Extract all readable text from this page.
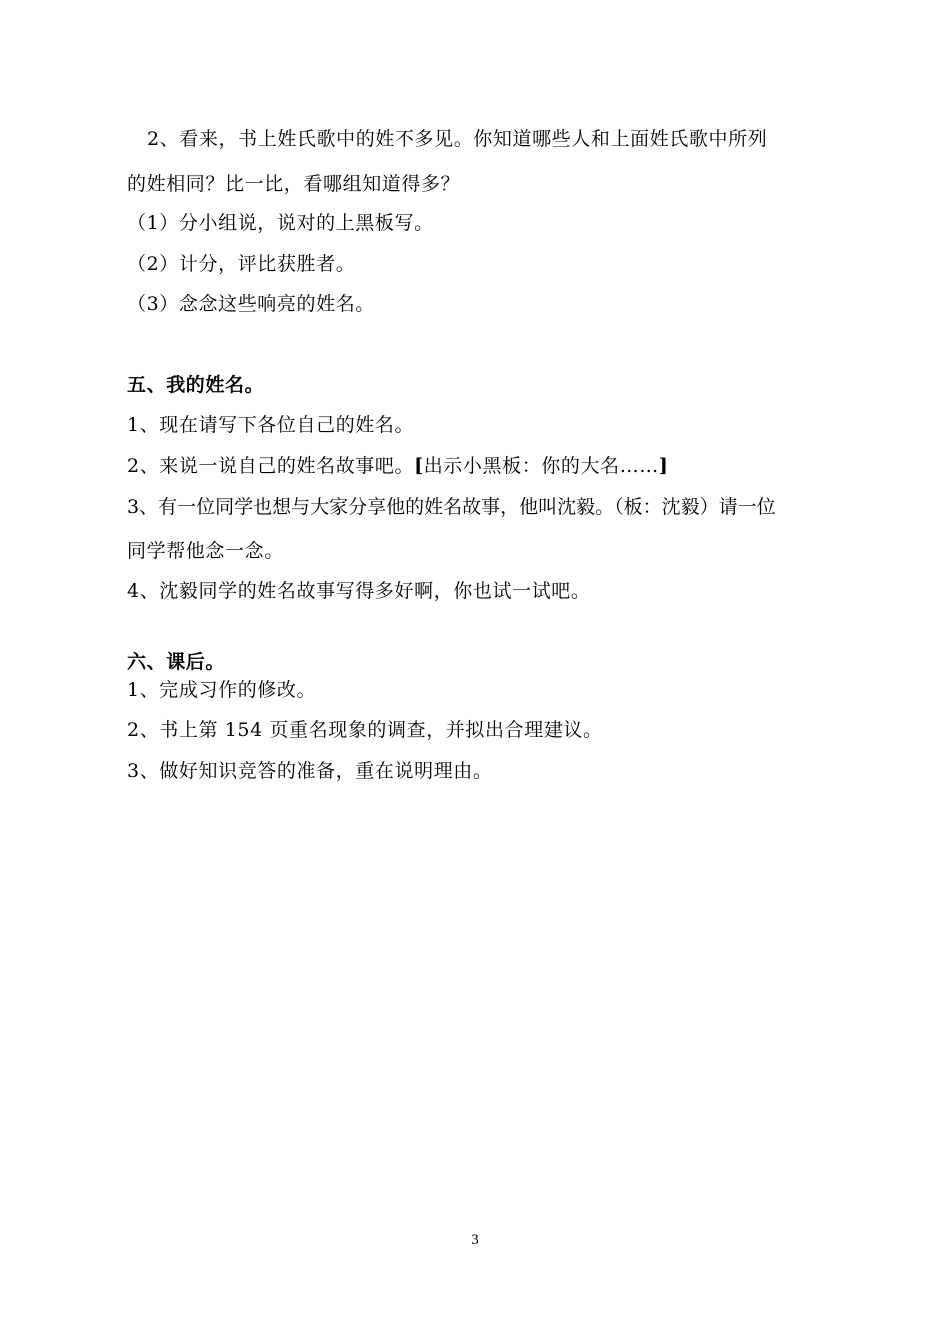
2、看来，书上姓氏歌中的姓不多见。你知道哪些人和上面姓氏歌中所列
的姓相同？比一比，看哪组知道得多？
（1）分小组说，说对的上黑板写。
（2）计分，评比获胜者。
（3）念念这些响亮的姓名。
五、我的姓名。
1、现在请写下各位自己的姓名。
2、来说一说自己的姓名故事吧。[出示小黑板：你的大名……]
3、有一位同学也想与大家分享他的姓名故事，他叫沈毅。（板：沈毅）请一位
同学帮他念一念。
4、沈毅同学的姓名故事写得多好啊，你也试一试吧。
六、课后。
1、完成习作的修改。
2、书上第 154 页重名现象的调查，并拟出合理建议。
3、做好知识竞答的准备，重在说明理由。
3
